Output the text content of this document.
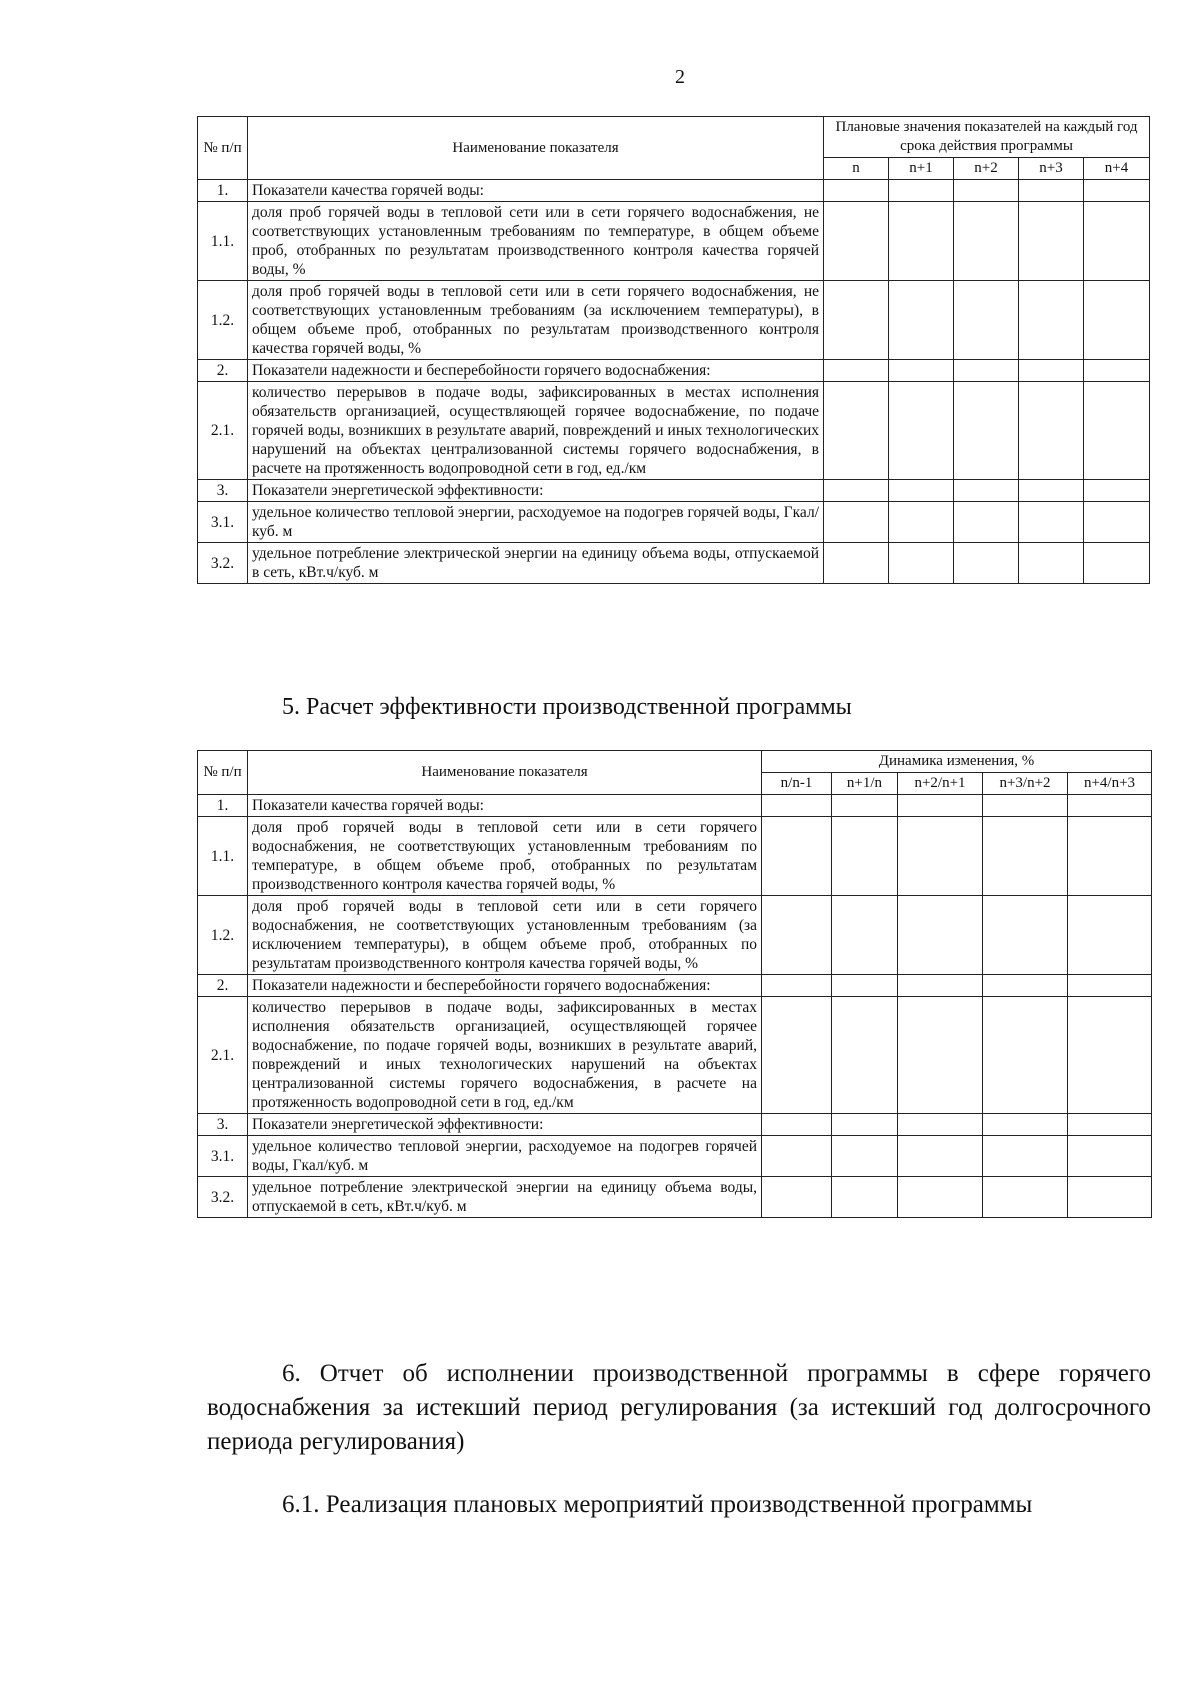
2
№ п/п	Наименование показателя	Плановые значения показателей на каждый год срока действия программы				
		n	n+1	n+2	n+3	n+4
1.	Показатели качества горячей воды:					
1.1.	доля проб горячей воды в тепловой сети или в сети горячего водоснабжения, не соответствующих установленным требованиям по температуре, в общем объеме проб, отобранных по результатам производственного контроля качества горячей воды, %					
1.2.	доля проб горячей воды в тепловой сети или в сети горячего водоснабжения, не соответствующих установленным требованиям (за исключением температуры), в общем объеме проб, отобранных по результатам производственного контроля качества горячей воды, %					
2.	Показатели надежности и бесперебойности горячего водоснабжения:					
2.1.	количество перерывов в подаче воды, зафиксированных в местах исполнения обязательств организацией, осуществляющей горячее водоснабжение, по подаче горячей воды, возникших в результате аварий, повреждений и иных технологических нарушений на объектах централизованной системы горячего водоснабжения, в расчете на протяженность водопроводной сети в год, ед./км					
3.	Показатели энергетической эффективности:					
3.1.	удельное количество тепловой энергии, расходуемое на подогрев горячей воды, Гкал/куб. м					
3.2.	удельное потребление электрической энергии на единицу объема воды, отпускаемой в сеть, кВт.ч/куб. м					
5. Расчет эффективности производственной программы
№ п/п	Наименование показателя	Динамика изменения, %				
		n/n-1	n+1/n	n+2/n+1	n+3/n+2	n+4/n+3
1.	Показатели качества горячей воды:					
1.1.	доля проб горячей воды в тепловой сети или в сети горячего водоснабжения, не соответствующих установленным требованиям по температуре, в общем объеме проб, отобранных по результатам производственного контроля качества горячей воды, %					
1.2.	доля проб горячей воды в тепловой сети или в сети горячего водоснабжения, не соответствующих установленным требованиям (за исключением температуры), в общем объеме проб, отобранных по результатам производственного контроля качества горячей воды, %					
2.	Показатели надежности и бесперебойности горячего водоснабжения:					
2.1.	количество перерывов в подаче воды, зафиксированных в местах исполнения обязательств организацией, осуществляющей горячее водоснабжение, по подаче горячей воды, возникших в результате аварий, повреждений и иных технологических нарушений на объектах централизованной системы горячего водоснабжения, в расчете на протяженность водопроводной сети в год, ед./км					
3.	Показатели энергетической эффективности:					
3.1.	удельное количество тепловой энергии, расходуемое на подогрев горячей воды, Гкал/куб. м					
3.2.	удельное потребление электрической энергии на единицу объема воды, отпускаемой в сеть, кВт.ч/куб. м					
6. Отчет об исполнении производственной программы в сфере горячего водоснабжения за истекший период регулирования (за истекший год долгосрочного периода регулирования)
6.1. Реализация плановых мероприятий производственной программы
